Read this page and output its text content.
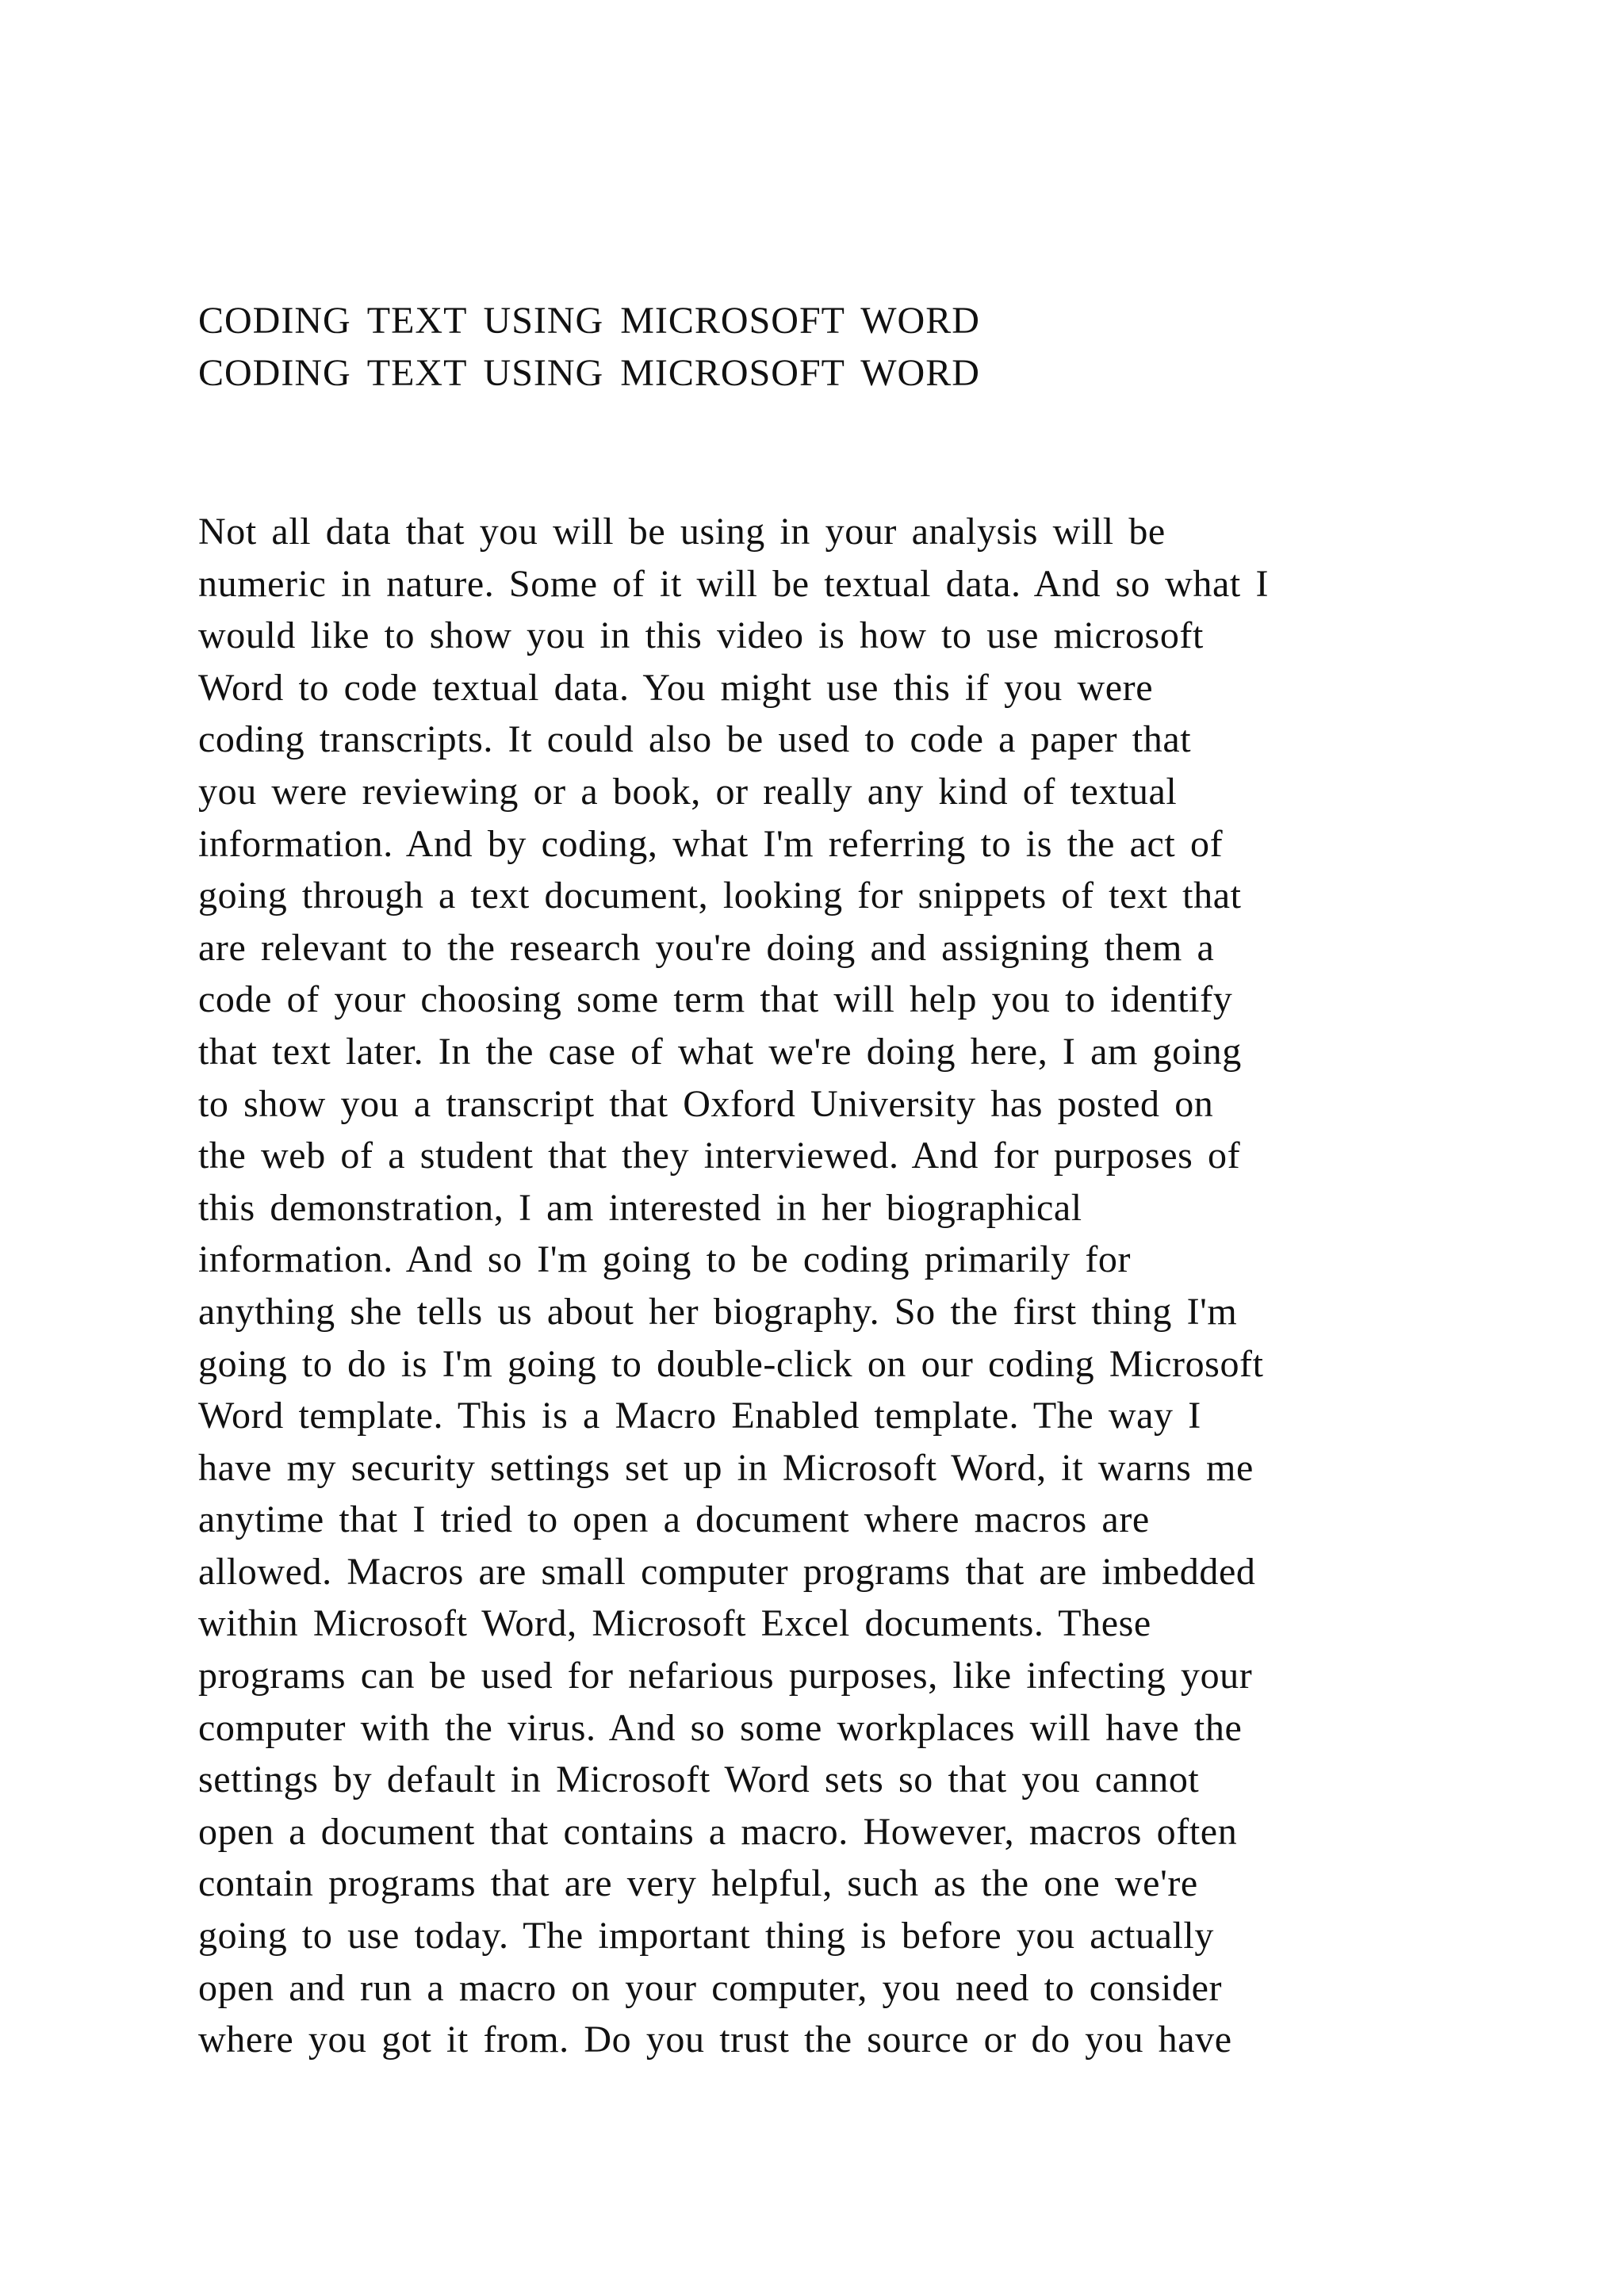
CODING TEXT USING MICROSOFT WORD
CODING TEXT USING MICROSOFT WORD
Not all data that you will be using in your analysis will be
numeric in nature. Some of it will be textual data. And so what I
would like to show you in this video is how to use microsoft
Word to code textual data. You might use this if you were
coding transcripts. It could also be used to code a paper that
you were reviewing or a book, or really any kind of textual
information. And by coding, what I'm referring to is the act of
going through a text document, looking for snippets of text that
are relevant to the research you're doing and assigning them a
code of your choosing some term that will help you to identify
that text later. In the case of what we're doing here, I am going
to show you a transcript that Oxford University has posted on
the web of a student that they interviewed. And for purposes of
this demonstration, I am interested in her biographical
information. And so I'm going to be coding primarily for
anything she tells us about her biography. So the first thing I'm
going to do is I'm going to double-click on our coding Microsoft
Word template. This is a Macro Enabled template. The way I
have my security settings set up in Microsoft Word, it warns me
anytime that I tried to open a document where macros are
allowed. Macros are small computer programs that are imbedded
within Microsoft Word, Microsoft Excel documents. These
programs can be used for nefarious purposes, like infecting your
computer with the virus. And so some workplaces will have the
settings by default in Microsoft Word sets so that you cannot
open a document that contains a macro. However, macros often
contain programs that are very helpful, such as the one we're
going to use today. The important thing is before you actually
open and run a macro on your computer, you need to consider
where you got it from. Do you trust the source or do you have
